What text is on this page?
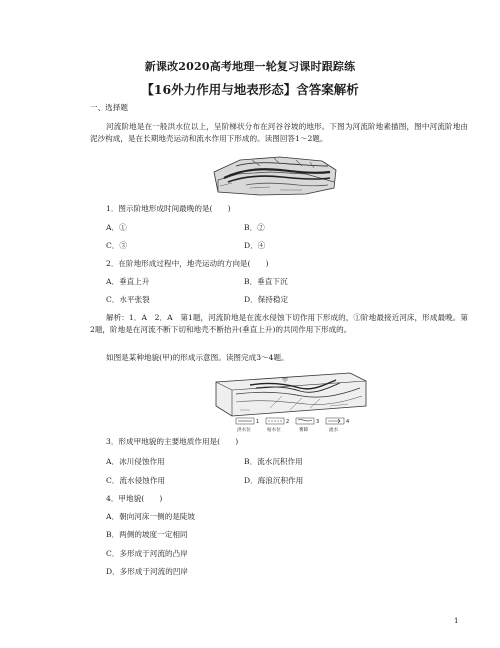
新课改2020高考地理一轮复习课时跟踪练
【16外力作用与地表形态】含答案解析
一、选择题
河流阶地是在一般洪水位以上，呈阶梯状分布在河谷谷坡的地形。下图为河流阶地素描图，图中河流阶地由泥沙构成，是在长期地壳运动和流水作用下形成的。读图回答1～2题。
1．图示阶地形成时间最晚的是(　　)
A．①	B．②
C．③	D．④
2．在阶地形成过程中，地壳运动的方向是(　　)
A．垂直上升	B．垂直下沉
C．水平张裂	D．保持稳定
解析：1．A　2．A　第1题，河流阶地是在流水侵蚀下切作用下形成的，①阶地最接近河床，形成最晚。第2题，阶地是在河流不断下切和地壳不断抬升(垂直上升)的共同作用下形成的。
如图是某种地貌(甲)的形成示意图。读图完成3～4题。
甲
1	2	3	4
洪水位	枯水位	雾障	流水
3．形成甲地貌的主要地质作用是(　　)
A．冰川侵蚀作用	B．流水沉积作用
C．流水侵蚀作用	D．海浪沉积作用
4．甲地貌(　　)
A．朝向河床一侧的是陡坡
B．两侧的坡度一定相同
C．多形成于河流的凸岸
D．多形成于河流的凹岸
1
